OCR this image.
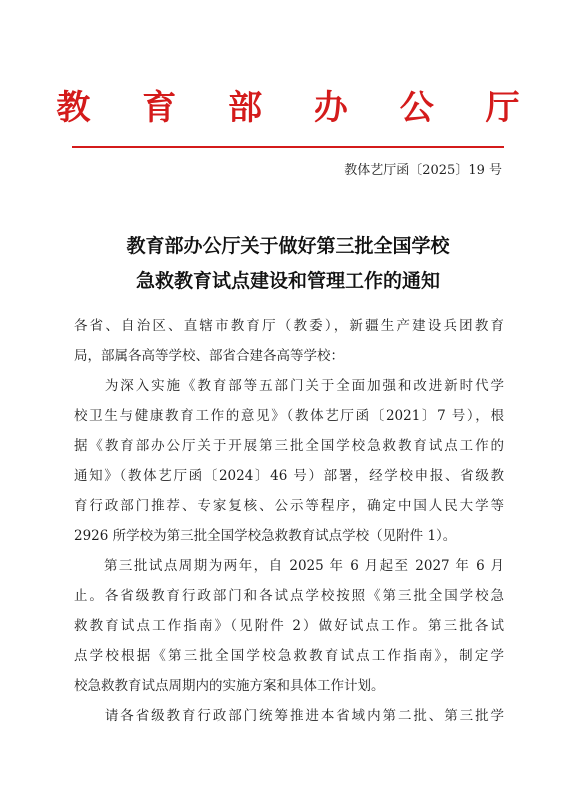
教 育 部 办 公 厅
教体艺厅函〔2025〕19 号
教育部办公厅关于做好第三批全国学校
急救教育试点建设和管理工作的通知
各省、自治区、直辖市教育厅（教委），新疆生产建设兵团教育
局，部属各高等学校、部省合建各高等学校：
　　为深入实施《教育部等五部门关于全面加强和改进新时代学
校卫生与健康教育工作的意见》（教体艺厅函〔2021〕7 号），根
据《教育部办公厅关于开展第三批全国学校急救教育试点工作的
通知》（教体艺厅函〔2024〕46 号）部署，经学校申报、省级教
育行政部门推荐、专家复核、公示等程序，确定中国人民大学等
2926 所学校为第三批全国学校急救教育试点学校（见附件 1）。
　　第三批试点周期为两年，自 2025 年 6 月起至 2027 年 6 月
止。各省级教育行政部门和各试点学校按照《第三批全国学校急
救教育试点工作指南》（见附件 2）做好试点工作。第三批各试
点学校根据《第三批全国学校急救教育试点工作指南》，制定学
校急救教育试点周期内的实施方案和具体工作计划。
　　请各省级教育行政部门统筹推进本省域内第二批、第三批学
